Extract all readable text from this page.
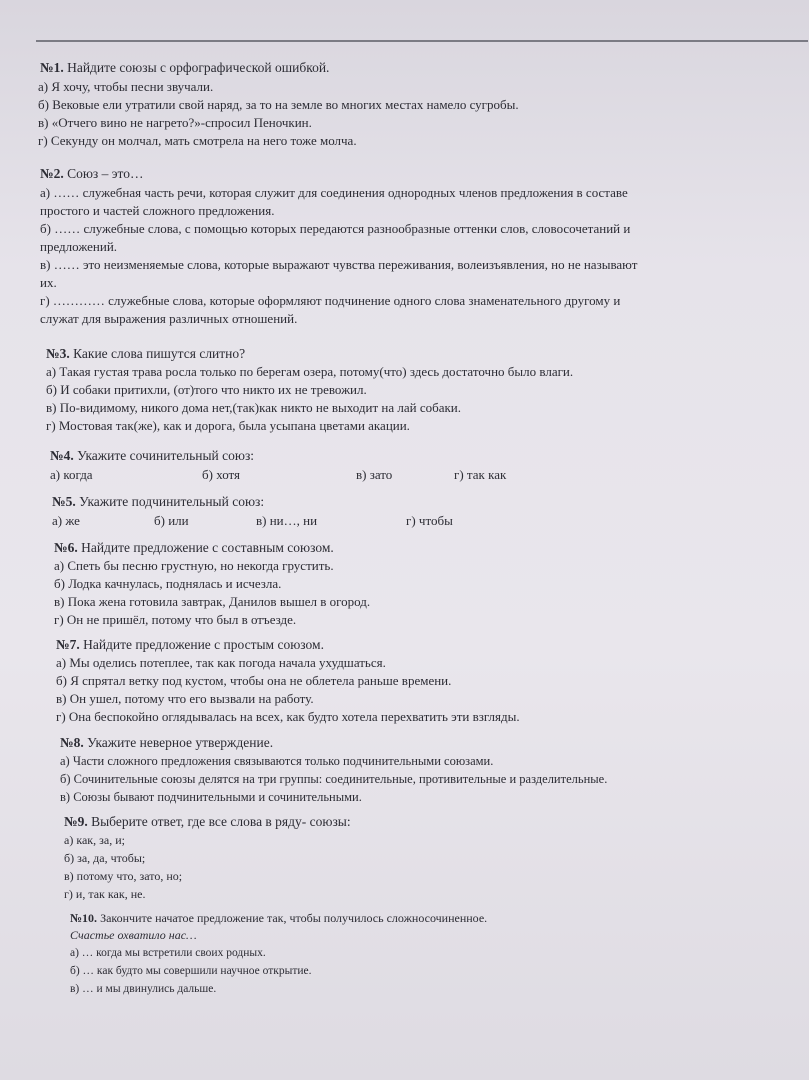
№1. Найдите союзы с орфографической ошибкой.
а) Я хочу, чтобы песни звучали.
б) Вековые ели утратили свой наряд, за то на земле во многих местах намело сугробы.
в) «Отчего вино не нагрето?»-спросил Пеночкин.
г) Секунду он молчал, мать смотрела на него тоже молча.
№2. Союз – это…
а) …… служебная часть речи, которая служит для соединения однородных членов предложения в составе
простого и частей сложного предложения.
б) …… служебные слова, с помощью которых передаются разнообразные оттенки слов, словосочетаний и
предложений.
в) …… это неизменяемые слова, которые выражают чувства переживания, волеизъявления, но не называют
их.
г) ………… служебные слова, которые оформляют подчинение одного слова знаменательного другому и
служат для выражения различных отношений.
№3. Какие слова пишутся слитно?
а) Такая густая трава росла только по берегам озера, потому(что) здесь достаточно было влаги.
б) И собаки притихли, (от)того что никто их не тревожил.
в) По-видимому, никого дома нет,(так)как никто не выходит на лай собаки.
г) Мостовая так(же), как и дорога, была усыпана цветами акации.
№4. Укажите сочинительный союз:
а) когда	б) хотя	в) зато	г) так как
№5. Укажите подчинительный союз:
а) же	б) или	в) ни…, ни	г) чтобы
№6. Найдите предложение с составным союзом.
а) Спеть бы песню грустную, но некогда грустить.
б) Лодка качнулась, поднялась и исчезла.
в) Пока жена готовила завтрак, Данилов вышел в огород.
г) Он не пришёл, потому что был в отъезде.
№7. Найдите предложение с простым союзом.
а) Мы оделись потеплее, так как погода начала ухудшаться.
б) Я спрятал ветку под кустом, чтобы она не облетела раньше времени.
в) Он ушел, потому что его вызвали на работу.
г) Она беспокойно оглядывалась на всех, как будто хотела перехватить эти взгляды.
№8. Укажите неверное утверждение.
а) Части сложного предложения связываются только подчинительными союзами.
б) Сочинительные союзы делятся на три группы: соединительные, противительные и разделительные.
в) Союзы бывают подчинительными и сочинительными.
№9. Выберите ответ, где все слова в ряду- союзы:
а) как, за, и;
б) за, да, чтобы;
в) потому что, зато, но;
г) и, так как, не.
№10. Закончите начатое предложение так, чтобы получилось сложносочиненное.
Счастье охватило нас…
а) … когда мы встретили своих родных.
б) … как будто мы совершили научное открытие.
в) … и мы двинулись дальше.
